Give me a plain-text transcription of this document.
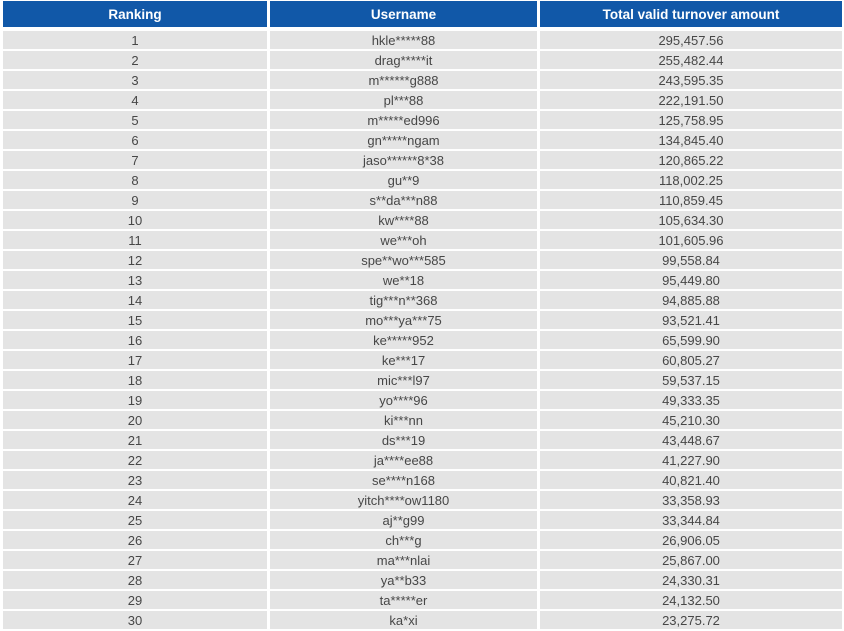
Ranking	Username	Total valid turnover amount
1	hkle*****88	295,457.56
2	drag*****it	255,482.44
3	m******g888	243,595.35
4	pl***88	222,191.50
5	m*****ed996	125,758.95
6	gn*****ngam	134,845.40
7	jaso******8*38	120,865.22
8	gu**9	118,002.25
9	s**da***n88	110,859.45
10	kw****88	105,634.30
11	we***oh	101,605.96
12	spe**wo***585	99,558.84
13	we**18	95,449.80
14	tig***n**368	94,885.88
15	mo***ya***75	93,521.41
16	ke*****952	65,599.90
17	ke***17	60,805.27
18	mic***l97	59,537.15
19	yo****96	49,333.35
20	ki***nn	45,210.30
21	ds***19	43,448.67
22	ja****ee88	41,227.90
23	se****n168	40,821.40
24	yitch****ow1180	33,358.93
25	aj**g99	33,344.84
26	ch***g	26,906.05
27	ma***nlai	25,867.00
28	ya**b33	24,330.31
29	ta*****er	24,132.50
30	ka*xi	23,275.72
